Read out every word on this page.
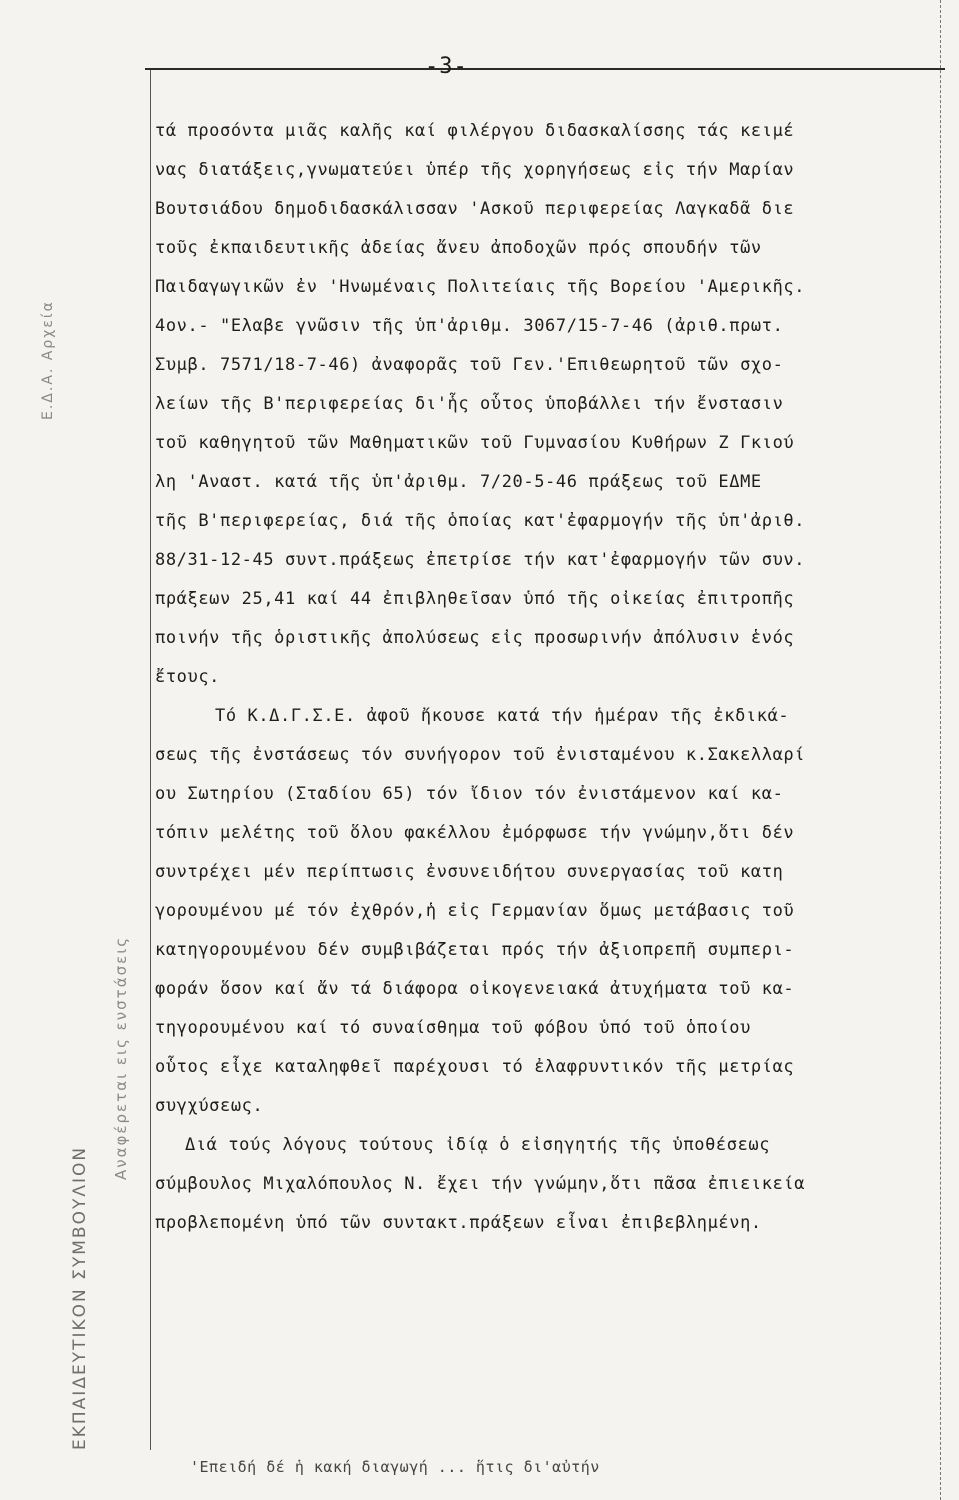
-3-
ΕΚΠΑΙΔΕΥΤΙΚΟΝ ΣΥΜΒΟΥΛΙΟΝ
Αναφέρεται εις ενστάσεις
Ε.Δ.Α. Αρχεία
τά προσόντα μιᾶς καλῆς καί φιλέργου διδασκαλίσσης τάς κειμέ
νας διατάξεις,γνωματεύει ὑπέρ τῆς χορηγήσεως εἰς τήν Μαρίαν
Βουτσιάδου δημοδιδασκάλισσαν 'Ασκοῦ περιφερείας Λαγκαδᾶ διε
τοῦς ἐκπαιδευτικῆς ἀδείας ἄνευ ἀποδοχῶν πρός σπουδήν τῶν
Παιδαγωγικῶν ἐν 'Ηνωμέναις Πολιτείαις τῆς Βορείου 'Αμερικῆς.
4ον.- "Ελαβε γνῶσιν τῆς ὑπ'ἀριθμ. 3067/15-7-46 (ἀριθ.πρωτ.
Συμβ. 7571/18-7-46) ἀναφορᾶς τοῦ Γεν.'Επιθεωρητοῦ τῶν σχο-
λείων τῆς Β'περιφερείας δι'ἧς οὗτος ὑποβάλλει τήν ἔνστασιν
τοῦ καθηγητοῦ τῶν Μαθηματικῶν τοῦ Γυμνασίου Κυθήρων Ζ Γκιού
λη 'Αναστ. κατά τῆς ὑπ'ἀριθμ. 7/20-5-46 πράξεως τοῦ ΕΔΜΕ
τῆς Β'περιφερείας, διά τῆς ὁποίας κατ'ἐφαρμογήν τῆς ὑπ'ἀριθ.
88/31-12-45 συντ.πράξεως ἐπετρίσε τήν κατ'ἐφαρμογήν τῶν συν.
πράξεων 25,41 καί 44 ἐπιβληθεῖσαν ὑπό τῆς οἰκείας ἐπιτροπῆς
ποινήν τῆς ὁριστικῆς ἀπολύσεως εἰς προσωρινήν ἀπόλυσιν ἑνός
ἔτους.
Τό Κ.Δ.Γ.Σ.Ε. ἀφοῦ ἤκουσε κατά τήν ἡμέραν τῆς ἐκδικά-
σεως τῆς ἐνστάσεως τόν συνήγορον τοῦ ἐνισταμένου κ.Σακελλαρί
ου Σωτηρίου (Σταδίου 65) τόν ἴδιον τόν ἐνιστάμενον καί κα-
τόπιν μελέτης τοῦ ὅλου φακέλλου ἐμόρφωσε τήν γνώμην,ὅτι δέν
συντρέχει μέν περίπτωσις ἐνσυνειδήτου συνεργασίας τοῦ κατη
γορουμένου μέ τόν ἐχθρόν,ἡ εἰς Γερμανίαν ὅμως μετάβασις τοῦ
κατηγορουμένου δέν συμβιβάζεται πρός τήν ἀξιοπρεπῆ συμπερι-
φοράν ὅσον καί ἄν τά διάφορα οἰκογενειακά ἀτυχήματα τοῦ κα-
τηγορουμένου καί τό συναίσθημα τοῦ φόβου ὑπό τοῦ ὁποίου
οὗτος εἶχε καταληφθεῖ παρέχουσι τό ἐλαφρυντικόν τῆς μετρίας
συγχύσεως.
Διά τούς λόγους τούτους ἰδίᾳ ὁ εἰσηγητής τῆς ὑποθέσεως
σύμβουλος Μιχαλόπουλος Ν. ἔχει τήν γνώμην,ὅτι πᾶσα ἐπιεικεία
προβλεπομένη ὑπό τῶν συντακτ.πράξεων εἶναι ἐπιβεβλημένη.
'Επειδή δέ ἡ κακή διαγωγή ... ἥτις δι'αὐτήν
